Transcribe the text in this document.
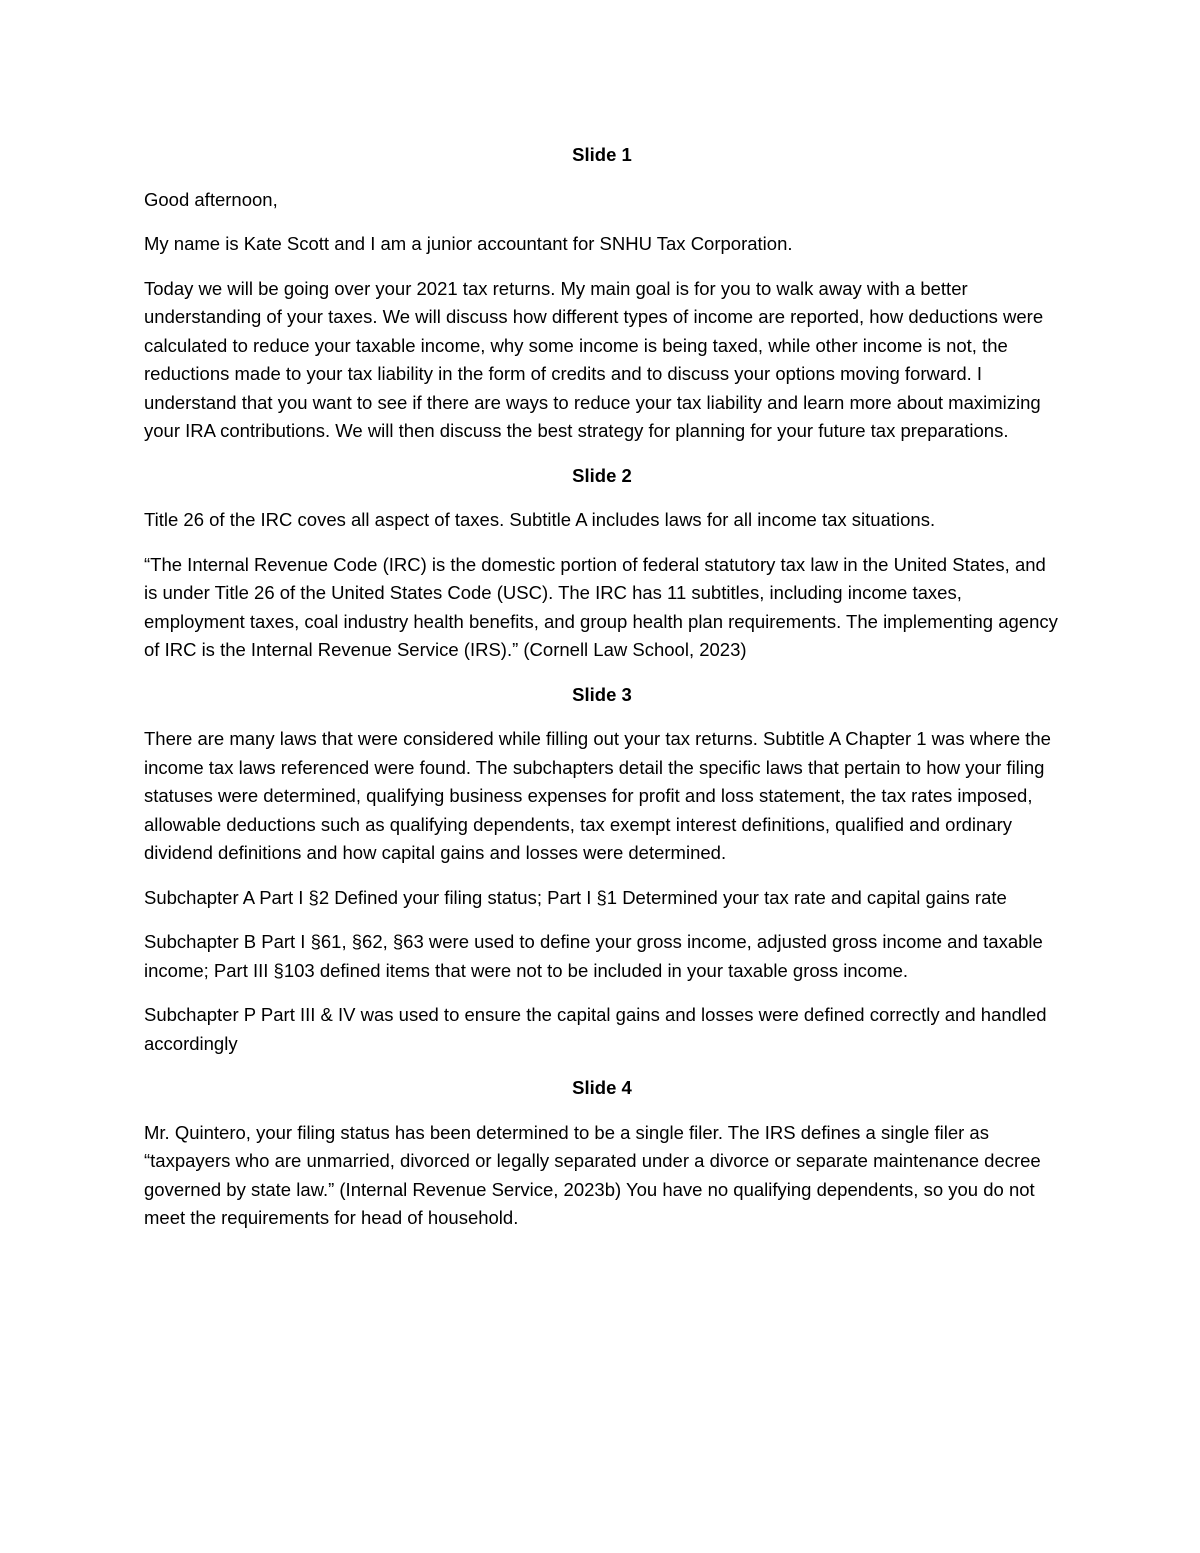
Slide 1

Good afternoon,

My name is Kate Scott and I am a junior accountant for SNHU Tax Corporation.

Today we will be going over your 2021 tax returns. My main goal is for you to walk away with a better understanding of your taxes. We will discuss how different types of income are reported, how deductions were calculated to reduce your taxable income, why some income is being taxed, while other income is not, the reductions made to your tax liability in the form of credits and to discuss your options moving forward. I understand that you want to see if there are ways to reduce your tax liability and learn more about maximizing your IRA contributions. We will then discuss the best strategy for planning for your future tax preparations.

Slide 2

Title 26 of the IRC coves all aspect of taxes. Subtitle A includes laws for all income tax situations.

“The Internal Revenue Code (IRC) is the domestic portion of federal statutory tax law in the United States, and is under Title 26 of the United States Code (USC). The IRC has 11 subtitles, including income taxes, employment taxes, coal industry health benefits, and group health plan requirements. The implementing agency of IRC is the Internal Revenue Service (IRS).” (Cornell Law School, 2023)

Slide 3

There are many laws that were considered while filling out your tax returns. Subtitle A Chapter 1 was where the income tax laws referenced were found. The subchapters detail the specific laws that pertain to how your filing statuses were determined, qualifying business expenses for profit and loss statement, the tax rates imposed, allowable deductions such as qualifying dependents, tax exempt interest definitions, qualified and ordinary dividend definitions and how capital gains and losses were determined.

Subchapter A Part I §2 Defined your filing status; Part I §1 Determined your tax rate and capital gains rate

Subchapter B Part I §61, §62, §63 were used to define your gross income, adjusted gross income and taxable income; Part III §103 defined items that were not to be included in your taxable gross income.

Subchapter P Part III & IV was used to ensure the capital gains and losses were defined correctly and handled accordingly

Slide 4

Mr. Quintero, your filing status has been determined to be a single filer. The IRS defines a single filer as “taxpayers who are unmarried, divorced or legally separated under a divorce or separate maintenance decree governed by state law.” (Internal Revenue Service, 2023b) You have no qualifying dependents, so you do not meet the requirements for head of household.
